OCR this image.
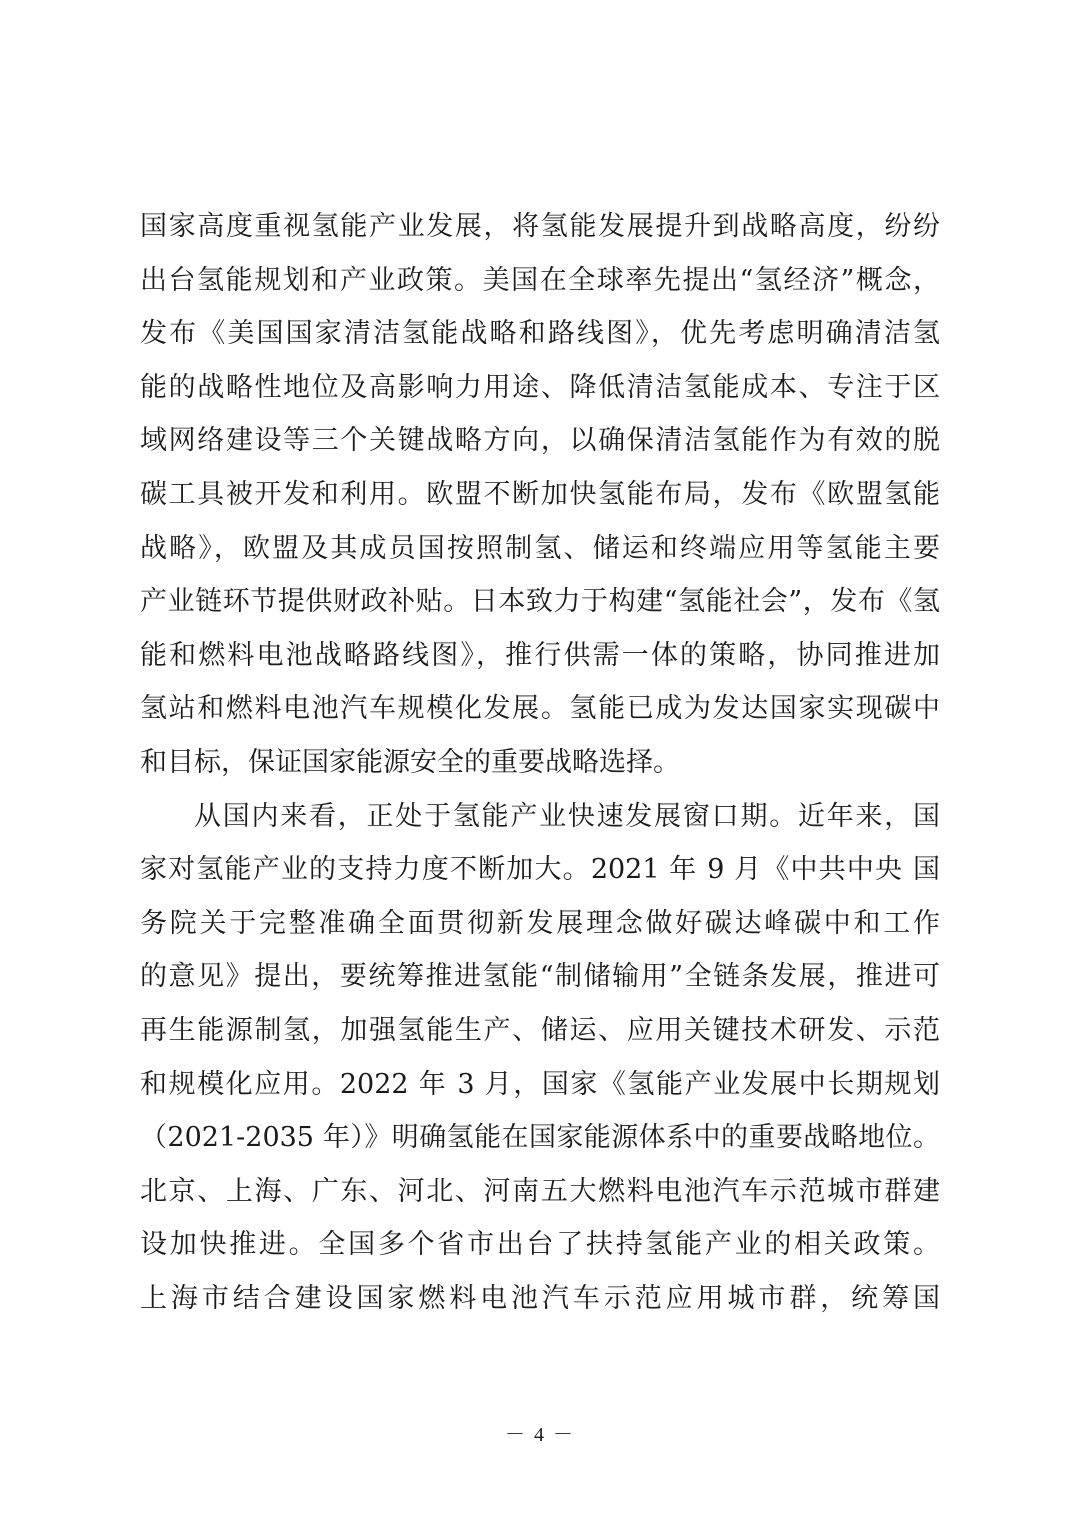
国家高度重视氢能产业发展，将氢能发展提升到战略高度，纷纷
出台氢能规划和产业政策。美国在全球率先提出“氢经济”概念，
发布《美国国家清洁氢能战略和路线图》，优先考虑明确清洁氢
能的战略性地位及高影响力用途、降低清洁氢能成本、专注于区
域网络建设等三个关键战略方向，以确保清洁氢能作为有效的脱
碳工具被开发和利用。欧盟不断加快氢能布局，发布《欧盟氢能
战略》，欧盟及其成员国按照制氢、储运和终端应用等氢能主要
产业链环节提供财政补贴。日本致力于构建“氢能社会”，发布《氢
能和燃料电池战略路线图》，推行供需一体的策略，协同推进加
氢站和燃料电池汽车规模化发展。氢能已成为发达国家实现碳中
和目标，保证国家能源安全的重要战略选择。
从国内来看，正处于氢能产业快速发展窗口期。近年来，国
家对氢能产业的支持力度不断加大。2021 年 9 月《中共中央 国
务院关于完整准确全面贯彻新发展理念做好碳达峰碳中和工作
的意见》提出，要统筹推进氢能“制储输用”全链条发展，推进可
再生能源制氢，加强氢能生产、储运、应用关键技术研发、示范
和规模化应用。2022 年 3 月，国家《氢能产业发展中长期规划
（2021-2035 年）》明确氢能在国家能源体系中的重要战略地位。
北京、上海、广东、河北、河南五大燃料电池汽车示范城市群建
设加快推进。全国多个省市出台了扶持氢能产业的相关政策。
上海市结合建设国家燃料电池汽车示范应用城市群，统筹国
－ 4 －
